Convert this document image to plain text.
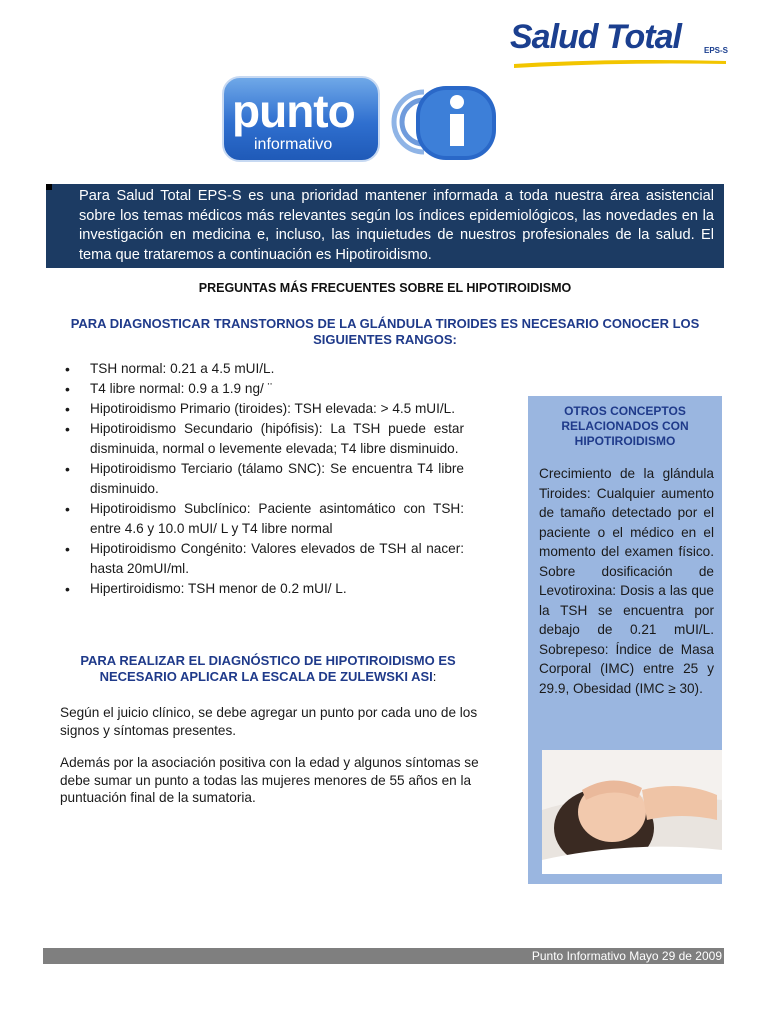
Salud Total	EPS-S
punto
informativo
Para Salud Total EPS-S es una prioridad mantener informada a toda nuestra área asistencial sobre los temas médicos más relevantes según los índices epidemiológicos, las novedades en la investigación en medicina e, incluso, las inquietudes de nuestros profesionales de la salud. El tema que trataremos a continuación es Hipotiroidismo.
PREGUNTAS MÁS FRECUENTES SOBRE EL HIPOTIROIDISMO
PARA DIAGNOSTICAR TRANSTORNOS DE LA GLÁNDULA TIROIDES ES NECESARIO CONOCER LOS SIGUIENTES RANGOS:
• TSH normal: 0.21 a 4.5 mUI/L.
• T4 libre normal: 0.9 a 1.9 ng/ ¨
• Hipotiroidismo Primario (tiroides): TSH elevada: > 4.5 mUI/L.
• Hipotiroidismo Secundario (hipófisis): La TSH puede estar disminuida, normal o levemente elevada; T4 libre disminuido.
• Hipotiroidismo Terciario (tálamo SNC): Se encuentra T4 libre disminuido.
• Hipotiroidismo Subclínico: Paciente asintomático con TSH: entre 4.6 y 10.0 mUI/ L y T4 libre normal
• Hipotiroidismo Congénito: Valores elevados de TSH al nacer: hasta 20mUI/ml.
• Hipertiroidismo: TSH menor de 0.2 mUI/ L.
PARA REALIZAR EL DIAGNÓSTICO DE HIPOTIROIDISMO ES NECESARIO APLICAR LA ESCALA DE ZULEWSKI ASI:
Según el juicio clínico, se debe agregar un punto por cada uno de los signos y síntomas presentes.
Además por la asociación positiva con la edad y algunos síntomas se debe sumar un punto a todas las mujeres menores de 55 años en la puntuación final de la sumatoria.
OTROS CONCEPTOS RELACIONADOS CON HIPOTIROIDISMO
Crecimiento de la glándula Tiroides: Cualquier aumento de tamaño detectado por el paciente o el médico en el momento del examen físico. Sobre dosificación de Levotiroxina: Dosis a las que la TSH se encuentra por debajo de 0.21 mUI/L. Sobrepeso: Índice de Masa Corporal (IMC) entre 25 y 29.9, Obesidad (IMC ≥ 30).
Punto Informativo Mayo 29 de 2009
